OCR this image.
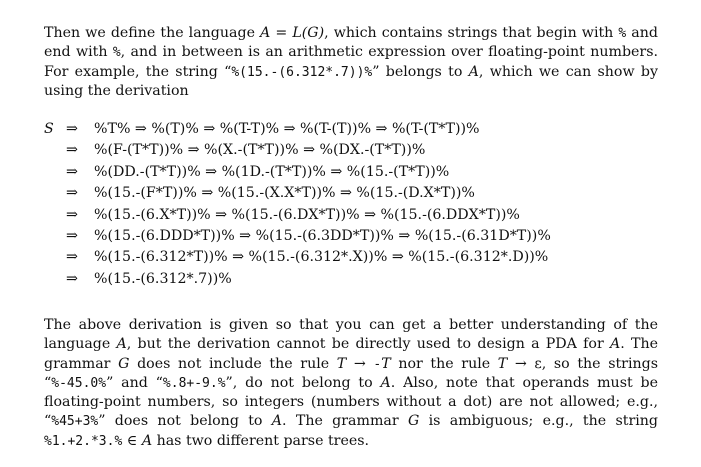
Then we define the language A = L(G), which contains strings that begin with % and end with %, and in between is an arithmetic expression over floating-point numbers. For example, the string “%(15.-(6.312*.7))%” belongs to A, which we can show by using the derivation

S ⇒ %T% ⇒ %(T)% ⇒ %(T-T)% ⇒ %(T-(T))% ⇒ %(T-(T*T))%
⇒ %(F-(T*T))% ⇒ %(X.-(T*T))% ⇒ %(DX.-(T*T))%
⇒ %(DD.-(T*T))% ⇒ %(1D.-(T*T))% ⇒ %(15.-(T*T))%
⇒ %(15.-(F*T))% ⇒ %(15.-(X.X*T))% ⇒ %(15.-(D.X*T))%
⇒ %(15.-(6.X*T))% ⇒ %(15.-(6.DX*T))% ⇒ %(15.-(6.DDX*T))%
⇒ %(15.-(6.DDD*T))% ⇒ %(15.-(6.3DD*T))% ⇒ %(15.-(6.31D*T))%
⇒ %(15.-(6.312*T))% ⇒ %(15.-(6.312*.X))% ⇒ %(15.-(6.312*.D))%
⇒ %(15.-(6.312*.7))%

The above derivation is given so that you can get a better understanding of the language A, but the derivation cannot be directly used to design a PDA for A. The grammar G does not include the rule T → -T nor the rule T → ε, so the strings “%-45.0%” and “%.8+-9.%”, do not belong to A. Also, note that operands must be floating-point numbers, so integers (numbers without a dot) are not allowed; e.g., “%45+3%” does not belong to A. The grammar G is ambiguous; e.g., the string %1.+2.*3.% ∈ A has two different parse trees.
